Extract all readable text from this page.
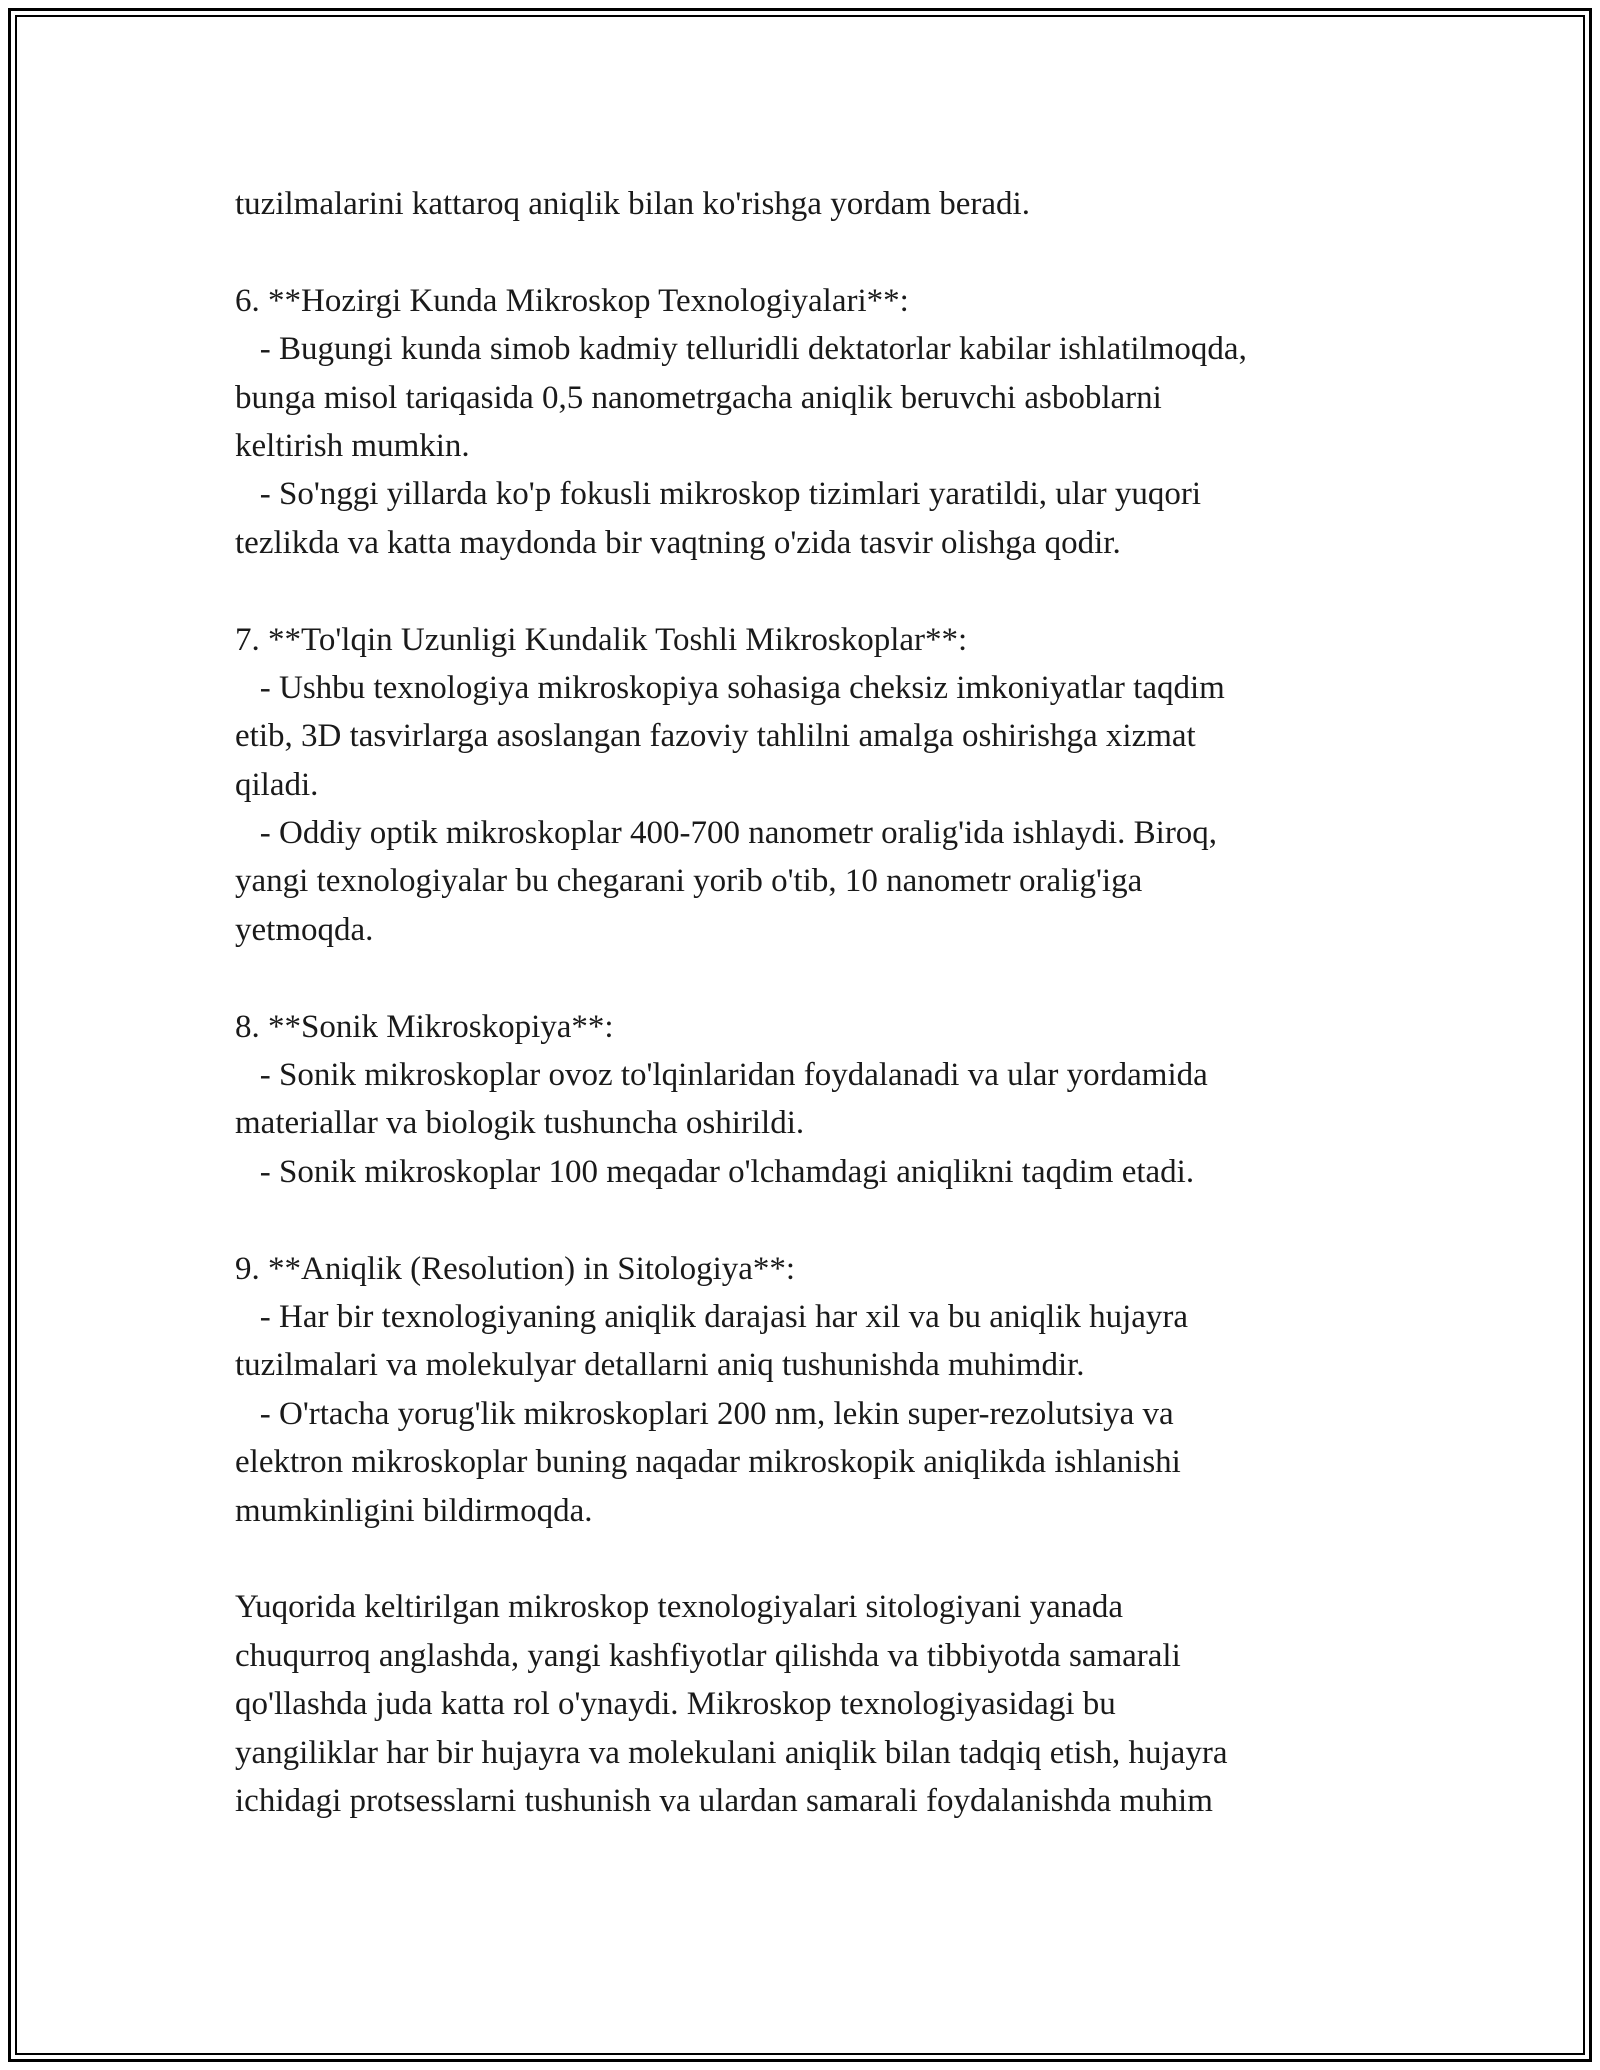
tuzilmalarini kattaroq aniqlik bilan ko'rishga yordam beradi.
6. **Hozirgi Kunda Mikroskop Texnologiyalari**:
- Bugungi kunda simob kadmiy telluridli dektatorlar kabilar ishlatilmoqda,
bunga misol tariqasida 0,5 nanometrgacha aniqlik beruvchi asboblarni
keltirish mumkin.
- So'nggi yillarda ko'p fokusli mikroskop tizimlari yaratildi, ular yuqori
tezlikda va katta maydonda bir vaqtning o'zida tasvir olishga qodir.
7. **To'lqin Uzunligi Kundalik Toshli Mikroskoplar**:
- Ushbu texnologiya mikroskopiya sohasiga cheksiz imkoniyatlar taqdim
etib, 3D tasvirlarga asoslangan fazoviy tahlilni amalga oshirishga xizmat
qiladi.
- Oddiy optik mikroskoplar 400-700 nanometr oralig'ida ishlaydi. Biroq,
yangi texnologiyalar bu chegarani yorib o'tib, 10 nanometr oralig'iga
yetmoqda.
8. **Sonik Mikroskopiya**:
- Sonik mikroskoplar ovoz to'lqinlaridan foydalanadi va ular yordamida
materiallar va biologik tushuncha oshirildi.
- Sonik mikroskoplar 100 meqadar o'lchamdagi aniqlikni taqdim etadi.
9. **Aniqlik (Resolution) in Sitologiya**:
- Har bir texnologiyaning aniqlik darajasi har xil va bu aniqlik hujayra
tuzilmalari va molekulyar detallarni aniq tushunishda muhimdir.
- O'rtacha yorug'lik mikroskoplari 200 nm, lekin super-rezolutsiya va
elektron mikroskoplar buning naqadar mikroskopik aniqlikda ishlanishi
mumkinligini bildirmoqda.
Yuqorida keltirilgan mikroskop texnologiyalari sitologiyani yanada
chuqurroq anglashda, yangi kashfiyotlar qilishda va tibbiyotda samarali
qo'llashda juda katta rol o'ynaydi. Mikroskop texnologiyasidagi bu
yangiliklar har bir hujayra va molekulani aniqlik bilan tadqiq etish, hujayra
ichidagi protsesslarni tushunish va ulardan samarali foydalanishda muhim
